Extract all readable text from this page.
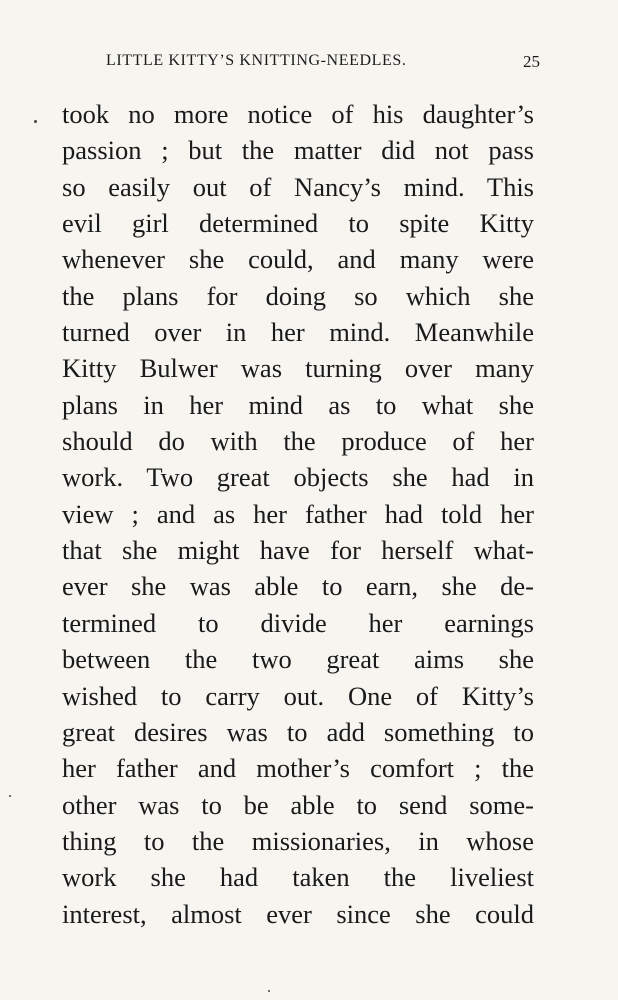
LITTLE KITTY’S KNITTING-NEEDLES.	25
took no more notice of his daughter’s
passion ; but the matter did not pass
so easily out of Nancy’s mind. This
evil girl determined to spite Kitty
whenever she could, and many were
the plans for doing so which she
turned over in her mind. Meanwhile
Kitty Bulwer was turning over many
plans in her mind as to what she
should do with the produce of her
work. Two great objects she had in
view ; and as her father had told her
that she might have for herself what-
ever she was able to earn, she de-
termined to divide her earnings
between the two great aims she
wished to carry out. One of Kitty’s
great desires was to add something to
her father and mother’s comfort ; the
other was to be able to send some-
thing to the missionaries, in whose
work she had taken the liveliest
interest, almost ever since she could
